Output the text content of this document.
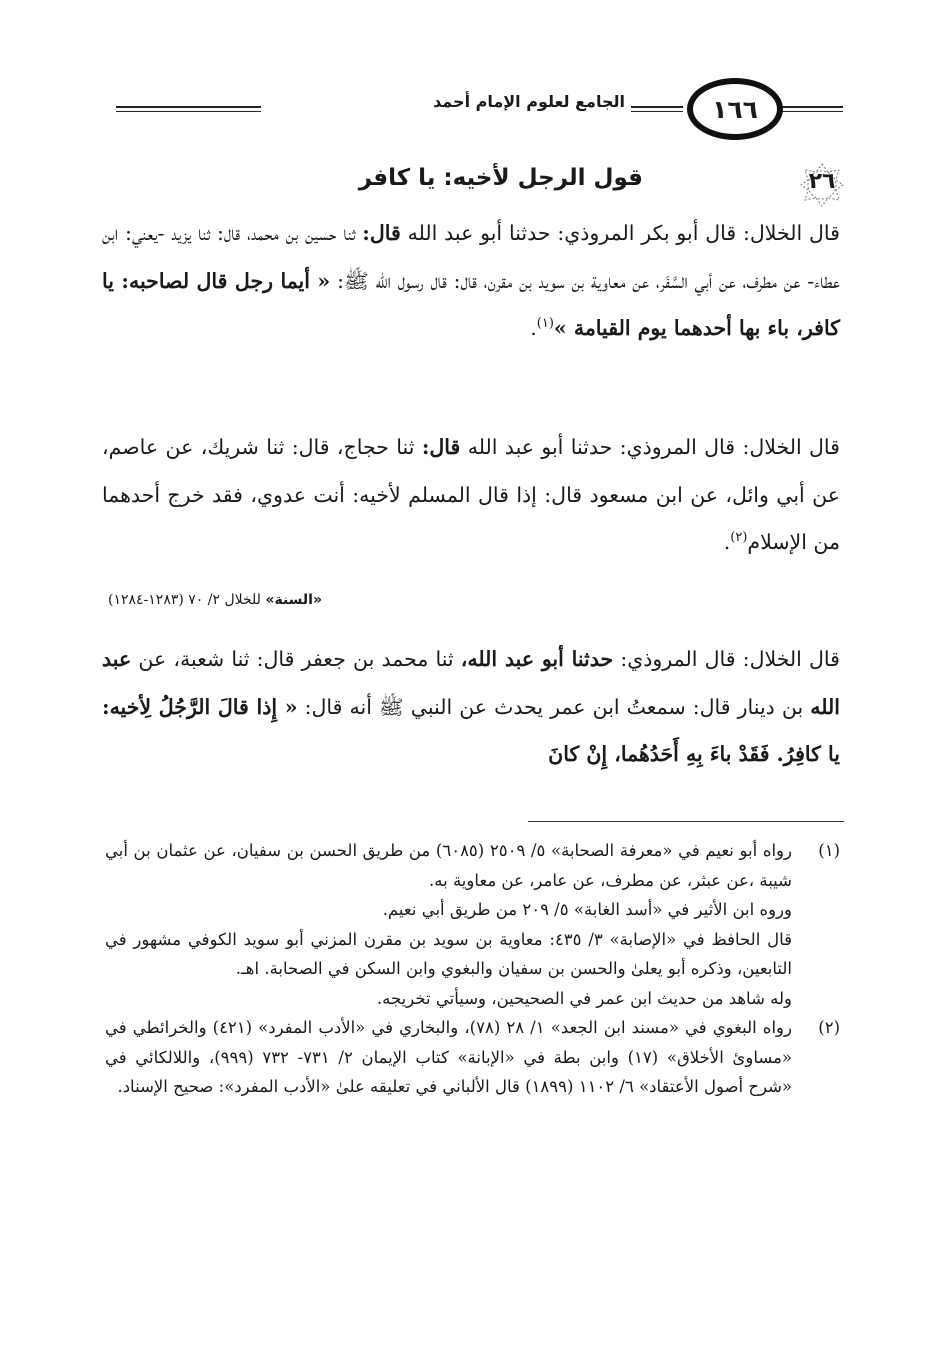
١٦٦
الجامع لعلوم الإمام أحمد
٢٦
قول الرجل لأخيه: يا كافر
قال الخلال: قال أبو بكر المروذي: حدثنا أبو عبد الله قال: ثنا حسين بن محمد، قال: ثنا يزيد -يعني: ابن عطاء- عن مطرف، عن أبي السَّفَر، عن معاوية بن سويد بن مقرن، قال: قال رسول الله ﷺ: « أيما رجل قال لصاحبه: يا كافر، باء بها أحدهما يوم القيامة »$^{(١)}$.
قال الخلال: قال المروذي: حدثنا أبو عبد الله قال: ثنا حجاج، قال: ثنا شريك، عن عاصم، عن أبي وائل، عن ابن مسعود قال: إذا قال المسلم لأخيه: أنت عدوي، فقد خرج أحدهما من الإسلام$^{(٢)}$.
«السنة» للخلال ٢/ ٧٠ (١٢٨٣-١٢٨٤)
قال الخلال: قال المروذي: حدثنا أبو عبد الله، ثنا محمد بن جعفر قال: ثنا شعبة، عن عبد الله بن دينار قال: سمعتُ ابن عمر يحدث عن النبي ﷺ أنه قال: « إِذا قالَ الرَّجُلُ لِأخيه: يا كافِرُ. فَقَدْ باءَ بِهِ أَحَدُهُما، إِنْ كانَ
(١)

رواه أبو نعيم في «معرفة الصحابة» ٥/ ٢٥٠٩ (٦٠٨٥) من طريق الحسن بن سفيان، عن عثمان بن أبي شيبة ،عن عبثر، عن مطرف، عن عامر، عن معاوية به.

وروه ابن الأثير في «أسد الغابة» ٥/ ٢٠٩ من طريق أبي نعيم.

قال الحافظ في «الإصابة» ٣/ ٤٣٥: معاوية بن سويد بن مقرن المزني أبو سويد الكوفي مشهور في التابعين، وذكره أبو يعلىٰ والحسن بن سفيان والبغوي وابن السكن في الصحابة. اهـ.

وله شاهد من حديث ابن عمر في الصحيحين، وسيأتي تخريجه.

(٢)

رواه البغوي في «مسند ابن الجعد» ١/ ٢٨ (٧٨)، والبخاري في «الأدب المفرد» (٤٢١) والخرائطي في «مساوئ الأخلاق» (١٧) وابن بطة في «الإبانة» كتاب الإيمان ٢/ ٧٣١- ٧٣٢ (٩٩٩)، واللالكائي في «شرح أصول الأعتقاد» ٦/ ١١٠٢ (١٨٩٩) قال الألباني في تعليقه علىٰ «الأدب المفرد»: صحيح الإسناد.
